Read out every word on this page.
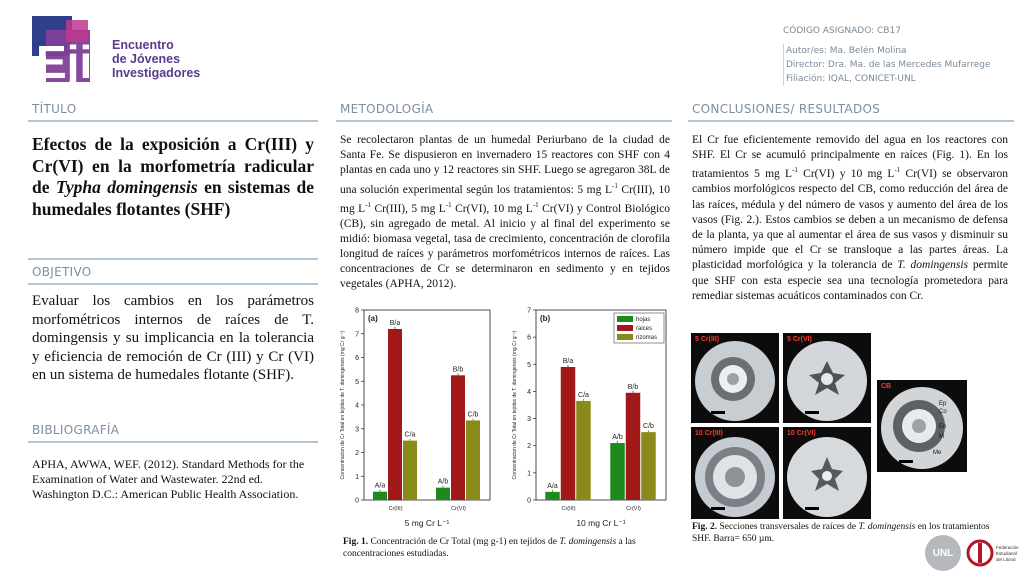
Eji Encuentro
de Jóvenes
Investigadores
CÓDIGO ASIGNADO: CB17
Autor/es: Ma. Belén Molina
Director: Dra. Ma. de las Mercedes Mufarrege
Filiación: IQAL, CONICET-UNL
TÍTULO
Efectos de la exposición a Cr(III) y Cr(VI) en la morfometría radicular de Typha domingensis en sistemas de humedales flotantes (SHF)
OBJETIVO
Evaluar los cambios en los parámetros morfométricos internos de raíces de T. domingensis y su implicancia en la tolerancia y eficiencia de remoción de Cr (III) y Cr (VI) en un sistema de humedales flotante (SHF).
BIBLIOGRAFÍA
APHA, AWWA, WEF. (2012). Standard Methods for the Examination of Water and Wastewater. 22nd ed. Washington D.C.: American Public Health Association.
METODOLOGÍA
Se recolectaron plantas de un humedal Periurbano de la ciudad de Santa Fe. Se dispusieron en invernadero 15 reactores con SHF con 4 plantas en cada uno y 12 reactores sin SHF. Luego se agregaron 38L de una solución experimental según los tratamientos: 5 mg $L^{-1}$ Cr(III), 10 mg $L^{-1}$ Cr(III), 5 mg $L^{-1}$ Cr(VI), 10 mg $L^{-1}$ Cr(VI) y Control Biológico (CB), sin agregado de metal. Al inicio y al final del experimento se midió: biomasa vegetal, tasa de crecimiento, concentración de clorofila longitud de raíces y parámetros morfométricos internos de raíces. Las concentraciones de Cr se determinaron en sedimento y en tejidos vegetales (APHA, 2012).
0
1
2
3
4
5
6
7
8
Concentracion de Cr Total en tejidos de T. domingensis (mg Cr g⁻¹)
(a)
A/a
B/a
C/a
Cr(III)
A/b
B/b
C/b
Cr(VI)
5 mg Cr L⁻¹
0
1
2
3
4
5
6
7
Concentracion de Cr Total en tejidos de T. domingensis (mg Cr g⁻¹)
(b)
A/a
B/a
C/a
Cr(III)
A/b
B/b
C/b
Cr(VI)
10 mg Cr L⁻¹
hojas
raices
rizomas
Fig. 1. Concentración de Cr Total (mg g-1) en tejidos de T. domingensis a las concentraciones estudiadas.
CONCLUSIONES/ RESULTADOS
El Cr fue eficientemente removido del agua en los reactores con SHF. El Cr se acumuló principalmente en raíces (Fig. 1). En los tratamientos 5 mg $L^{-1}$ Cr(VI) y 10 mg $L^{-1}$ Cr(VI) se observaron cambios morfológicos respecto del CB, como reducción del área de las raíces, médula y del número de vasos y aumento del área de los vasos (Fig. 2.). Estos cambios se deben a un mecanismo de defensa de la planta, ya que al aumentar el área de sus vasos y disminuir su número impide que el Cr se transloque a las partes áreas. La plasticidad morfológica y la tolerancia de T. domingensis permite que SHF con esta especie sea una tecnología prometedora para remediar sistemas acuáticos contaminados con Cr.
5 Cr(III)	5 Cr(VI)
CB
Ep
Co
En
M
Me
10 Cr(III)	10 Cr(VI)
Fig. 2. Secciones transversales de raíces de T. domingensis en los tratamientos SHF. Barra= 650 µm.
UNL	Federación
Estudiantil
del Litoral
